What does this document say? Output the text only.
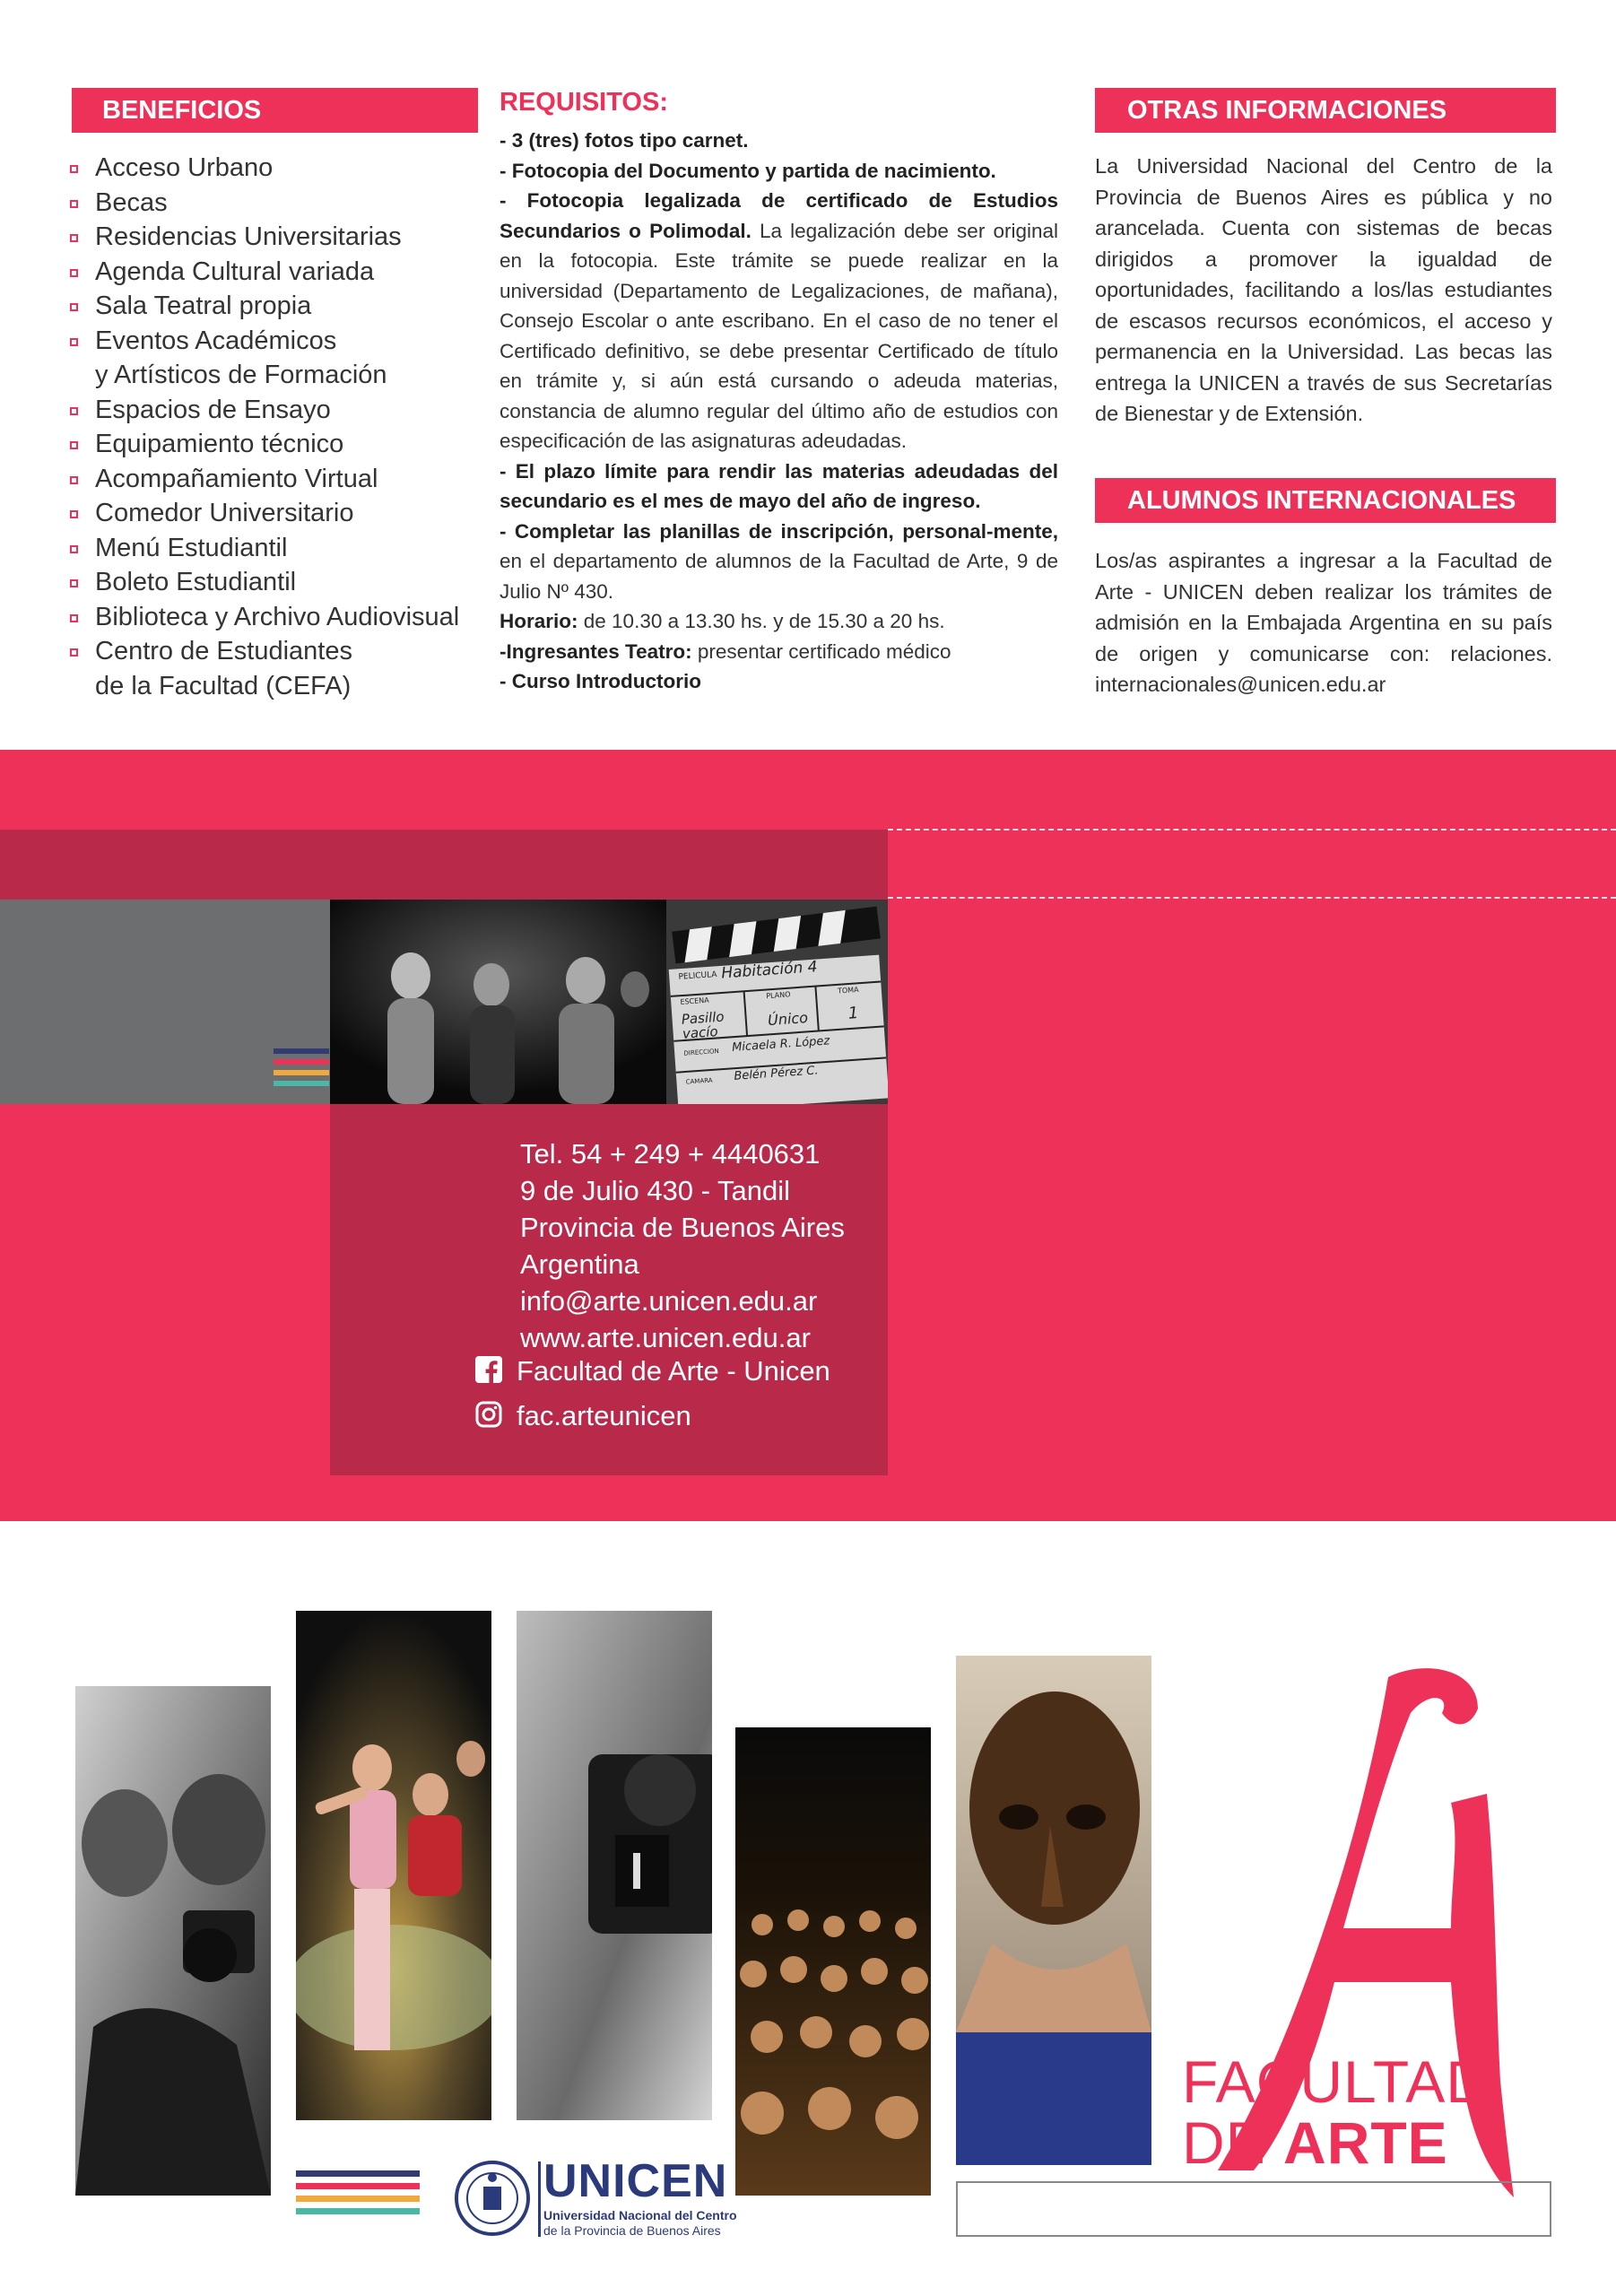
BENEFICIOS
Acceso Urbano
Becas
Residencias Universitarias
Agenda Cultural variada
Sala Teatral propia
Eventos Académicos
y Artísticos de Formación
Espacios de Ensayo
Equipamiento técnico
Acompañamiento Virtual
Comedor Universitario
Menú Estudiantil
Boleto Estudiantil
Biblioteca y Archivo Audiovisual
Centro de Estudiantes
de la Facultad (CEFA)
REQUISITOS:

- 3 (tres) fotos tipo carnet.

- Fotocopia del Documento y partida de nacimiento.

- Fotocopia legalizada de certificado de Estudios Secundarios o Polimodal. La legalización debe ser original en la fotocopia. Este trámite se puede realizar en la universidad (Departamento de Legalizaciones, de mañana), Consejo Escolar o ante escribano. En el caso de no tener el Certificado definitivo, se debe presentar Certificado de título en trámite y, si aún está cursando o adeuda materias, constancia de alumno regular del último año de estudios con especificación de las asignaturas adeudadas.

- El plazo límite para rendir las materias adeudadas del secundario es el mes de mayo del año de ingreso.

- Completar las planillas de inscripción, personal-mente, en el departamento de alumnos de la Facultad de Arte, 9 de Julio Nº 430.

Horario: de 10.30 a 13.30 hs. y de 15.30 a 20 hs.

-Ingresantes Teatro: presentar certificado médico

- Curso Introductorio

OTRAS INFORMACIONES
La Universidad Nacional del Centro de la Provincia de Buenos Aires es pública y no arancelada. Cuenta con sistemas de becas dirigidos a promover la igualdad de oportunidades, facilitando a los/las estudiantes de escasos recursos económicos, el acceso y permanencia en la Universidad. Las becas las entrega la UNICEN a través de sus Secretarías de Bienestar y de Extensión.
ALUMNOS INTERNACIONALES
Los/as aspirantes a ingresar a la Facultad de Arte - UNICEN deben realizar los trámites de admisión en la Embajada Argentina en su país de origen y comunicarse con: relaciones. internacionales@unicen.edu.ar
PELICULA Habitación 4
ESCENA
PLANO
TOMA
Pasillo vacío
Único 1
DIRECCION Micaela R. López
CAMARA Belén Pérez C.
Tel. 54 + 249 + 4440631
9 de Julio 430 - Tandil
Provincia de Buenos Aires
Argentina
info@arte.unicen.edu.ar
www.arte.unicen.edu.ar
Facultad de Arte - Unicen
fac.arteunicen
UNICEN
Universidad Nacional del Centro
de la Provincia de Buenos Aires
FACULTAD
DE ARTE
